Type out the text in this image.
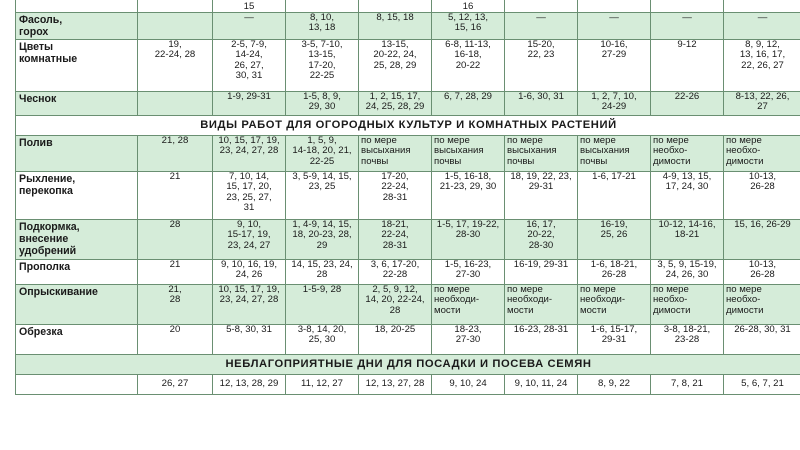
		15			16				
Фасоль,
горох		—	8, 10,
13, 18	8, 15, 18	5, 12, 13,
15, 16	—	—	—	—
Цветы
комнатные	19,
22-24, 28	2-5, 7-9,
14-24,
26, 27,
30, 31	3-5, 7-10,
13-15,
17-20,
22-25	13-15,
20-22, 24,
25, 28, 29	6-8, 11-13,
16-18,
20-22	15-20,
22, 23	10-16,
27-29	9-12	8, 9, 12,
13, 16, 17,
22, 26, 27
Чеснок		1-9, 29-31	1-5, 8, 9,
29, 30	1, 2, 15, 17,
24, 25, 28, 29	6, 7, 28, 29	1-6, 30, 31	1, 2, 7, 10,
24-29	22-26	8-13, 22, 26,
27
ВИДЫ РАБОТ ДЛЯ ОГОРОДНЫХ КУЛЬТУР И КОМНАТНЫХ РАСТЕНИЙ									
Полив	21, 28	10, 15, 17, 19,
23, 24, 27, 28	1, 5, 9,
14-18, 20, 21,
22-25	по мере
высыхания
почвы	по мере
высыхания
почвы	по мере
высыхания
почвы	по мере
высыхания
почвы	по мере
необхо-
димости	по мере
необхо-
димости
Рыхление,
перекопка	21	7, 10, 14,
15, 17, 20,
23, 25, 27,
31	3, 5-9, 14, 15,
23, 25	17-20,
22-24,
28-31	1-5, 16-18,
21-23, 29, 30	18, 19, 22, 23,
29-31	1-6, 17-21	4-9, 13, 15,
17, 24, 30	10-13,
26-28
Подкормка,
внесение
удобрений	28	9, 10,
15-17, 19,
23, 24, 27	1, 4-9, 14, 15,
18, 20-23, 28,
29	18-21,
22-24,
28-31	1-5, 17, 19-22,
28-30	16, 17,
20-22,
28-30	16-19,
25, 26	10-12, 14-16,
18-21	15, 16, 26-29
Прополка	21	9, 10, 16, 19,
24, 26	14, 15, 23, 24,
28	3, 6, 17-20,
22-28	1-5, 16-23,
27-30	16-19, 29-31	1-6, 18-21,
26-28	3, 5, 9, 15-19,
24, 26, 30	10-13,
26-28
Опрыскивание	21,
28	10, 15, 17, 19,
23, 24, 27, 28	1-5-9, 28	2, 5, 9, 12,
14, 20, 22-24,
28	по мере
необходи-
мости	по мере
необходи-
мости	по мере
необходи-
мости	по мере
необхо-
димости	по мере
необхо-
димости
Обрезка	20	5-8, 30, 31	3-8, 14, 20,
25, 30	18, 20-25	18-23,
27-30	16-23, 28-31	1-6, 15-17,
29-31	3-8, 18-21,
23-28	26-28, 30, 31
НЕБЛАГОПРИЯТНЫЕ ДНИ ДЛЯ ПОСАДКИ И ПОСЕВА СЕМЯН									
	26, 27	12, 13, 28, 29	11, 12, 27	12, 13, 27, 28	9, 10, 24	9, 10, 11, 24	8, 9, 22	7, 8, 21	5, 6, 7, 21
